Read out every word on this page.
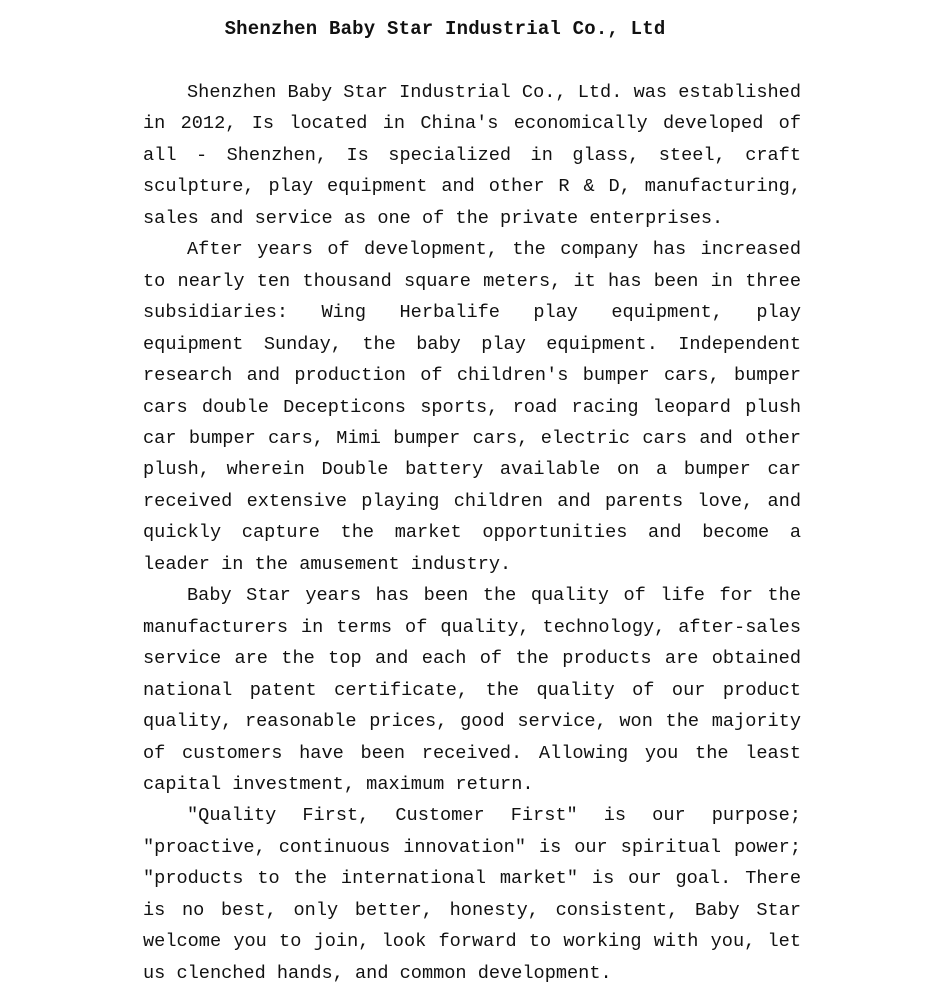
Shenzhen Baby Star Industrial Co., Ltd

Shenzhen Baby Star Industrial Co., Ltd. was established in 2012, Is located in China's economically developed of all - Shenzhen, Is specialized in glass, steel, craft sculpture, play equipment and other R & D, manufacturing, sales and service as one of the private enterprises.

After years of development, the company has increased to nearly ten thousand square meters, it has been in three subsidiaries: Wing Herbalife play equipment, play equipment Sunday, the baby play equipment. Independent research and production of children's bumper cars, bumper cars double Decepticons sports, road racing leopard plush car bumper cars, Mimi bumper cars, electric cars and other plush, wherein Double battery available on a bumper car received extensive playing children and parents love, and quickly capture the market opportunities and become a leader in the amusement industry.

Baby Star years has been the quality of life for the manufacturers in terms of quality, technology, after-sales service are the top and each of the products are obtained national patent certificate, the quality of our product quality, reasonable prices, good service, won the majority of customers have been received. Allowing you the least capital investment, maximum return.

"Quality First, Customer First" is our purpose; "proactive, continuous innovation" is our spiritual power; "products to the international market" is our goal. There is no best, only better, honesty, consistent, Baby Star welcome you to join, look forward to working with you, let us clenched hands, and common development.
